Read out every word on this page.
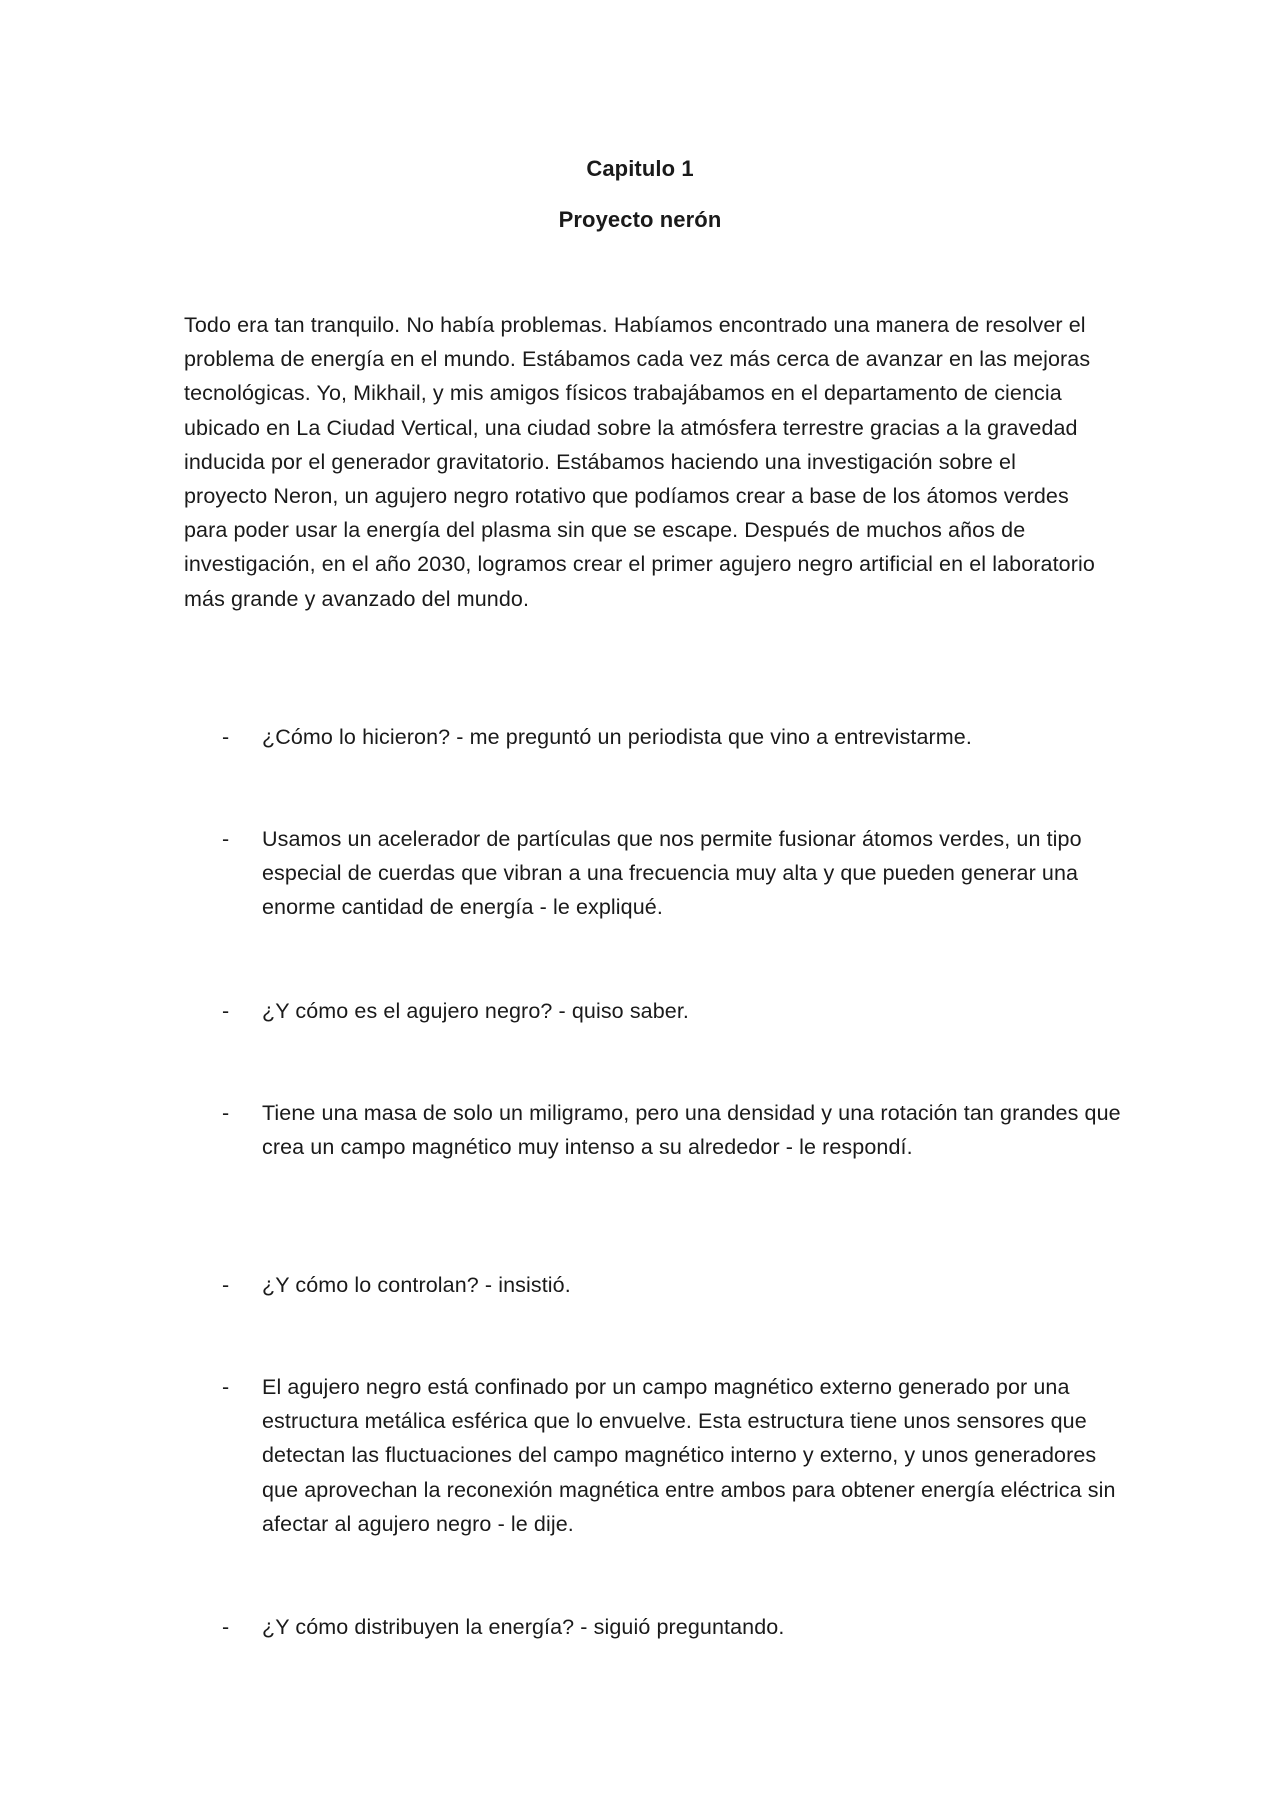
Capitulo 1
Proyecto nerón

Todo era tan tranquilo. No había problemas. Habíamos encontrado una manera de resolver el problema de energía en el mundo. Estábamos cada vez más cerca de avanzar en las mejoras tecnológicas. Yo, Mikhail, y mis amigos físicos trabajábamos en el departamento de ciencia ubicado en La Ciudad Vertical, una ciudad sobre la atmósfera terrestre gracias a la gravedad inducida por el generador gravitatorio. Estábamos haciendo una investigación sobre el proyecto Neron, un agujero negro rotativo que podíamos crear a base de los átomos verdes para poder usar la energía del plasma sin que se escape. Después de muchos años de investigación, en el año 2030, logramos crear el primer agujero negro artificial en el laboratorio más grande y avanzado del mundo.

- ¿Cómo lo hicieron? - me preguntó un periodista que vino a entrevistarme.

- Usamos un acelerador de partículas que nos permite fusionar átomos verdes, un tipo especial de cuerdas que vibran a una frecuencia muy alta y que pueden generar una enorme cantidad de energía - le expliqué.

- ¿Y cómo es el agujero negro? - quiso saber.

- Tiene una masa de solo un miligramo, pero una densidad y una rotación tan grandes que crea un campo magnético muy intenso a su alrededor - le respondí.

- ¿Y cómo lo controlan? - insistió.

- El agujero negro está confinado por un campo magnético externo generado por una estructura metálica esférica que lo envuelve. Esta estructura tiene unos sensores que detectan las fluctuaciones del campo magnético interno y externo, y unos generadores que aprovechan la reconexión magnética entre ambos para obtener energía eléctrica sin afectar al agujero negro - le dije.

- ¿Y cómo distribuyen la energía? - siguió preguntando.
